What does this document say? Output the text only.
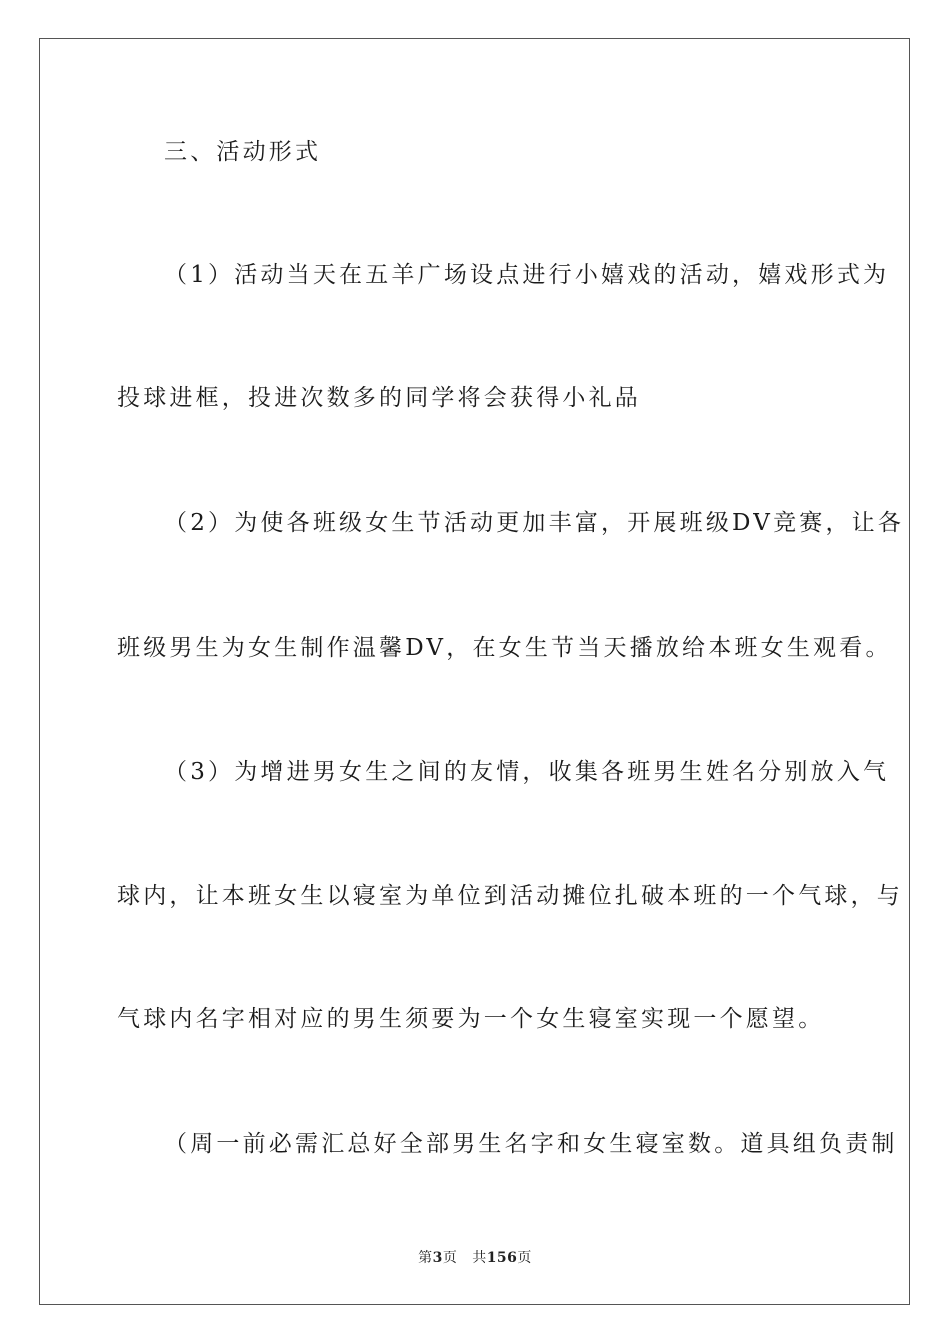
三、活动形式
（1）活动当天在五羊广场设点进行小嬉戏的活动，嬉戏形式为
投球进框，投进次数多的同学将会获得小礼品
（2）为使各班级女生节活动更加丰富，开展班级DV竞赛，让各
班级男生为女生制作温馨DV，在女生节当天播放给本班女生观看。
（3）为增进男女生之间的友情，收集各班男生姓名分别放入气
球内，让本班女生以寝室为单位到活动摊位扎破本班的一个气球，与
气球内名字相对应的男生须要为一个女生寝室实现一个愿望。
（周一前必需汇总好全部男生名字和女生寝室数。道具组负责制
第3页 共156页
